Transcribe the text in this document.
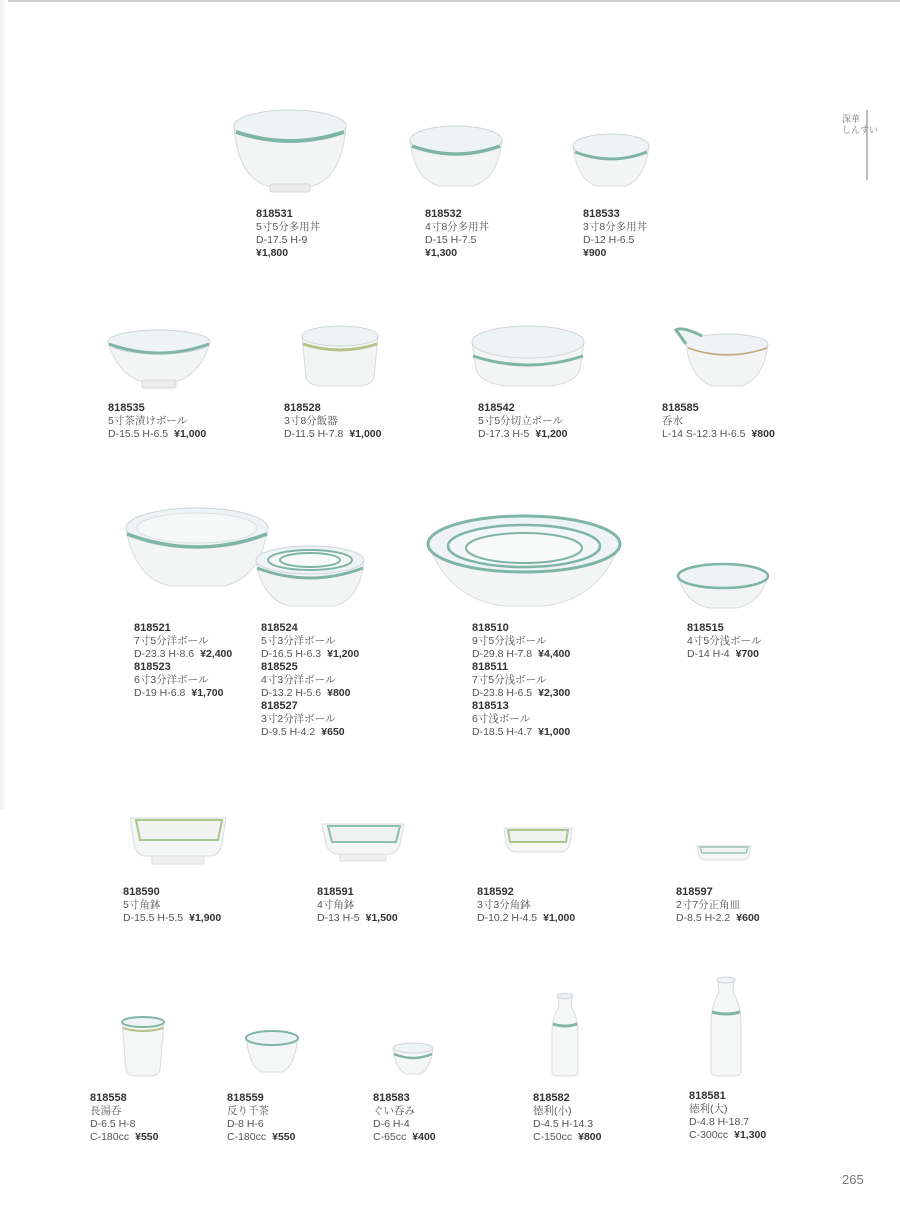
深華
しんすい
818531
5寸5分多用丼
D-17.5 H-9
¥1,800
818532
4寸8分多用丼
D-15 H-7.5
¥1,300
818533
3寸8分多用丼
D-12 H-6.5
¥900
818535
5寸茶漬けボール
D-15.5 H-6.5 ¥1,000
818528
3寸8分飯器
D-11.5 H-7.8 ¥1,000
818542
5寸5分切立ボール
D-17.3 H-5 ¥1,200
818585
呑水
L-14 S-12.3 H-6.5 ¥800
818521
7寸5分洋ボール
D-23.3 H-8.6 ¥2,400
818523
6寸3分洋ボール
D-19 H-6.8 ¥1,700
818524
5寸3分洋ボール
D-16.5 H-6.3 ¥1,200
818525
4寸3分洋ボール
D-13.2 H-5.6 ¥800
818527
3寸2分洋ボール
D-9.5 H-4.2 ¥650
818510
9寸5分浅ボール
D-29.8 H-7.8 ¥4,400
818511
7寸5分浅ボール
D-23.8 H-6.5 ¥2,300
818513
6寸浅ボール
D-18.5 H-4.7 ¥1,000
818515
4寸5分浅ボール
D-14 H-4 ¥700
818590
5寸角鉢
D-15.5 H-5.5 ¥1,900
818591
4寸角鉢
D-13 H-5 ¥1,500
818592
3寸3分角鉢
D-10.2 H-4.5 ¥1,000
818597
2寸7分正角皿
D-8.5 H-2.2 ¥600
818558
長湯呑
D-6.5 H-8
C-180cc ¥550
818559
反り千茶
D-8 H-6
C-180cc ¥550
818583
ぐい呑み
D-6 H-4
C-65cc ¥400
818582
徳利(小)
D-4.5 H-14.3
C-150cc ¥800
818581
徳利(大)
D-4.8 H-18.7
C-300cc ¥1,300
265
